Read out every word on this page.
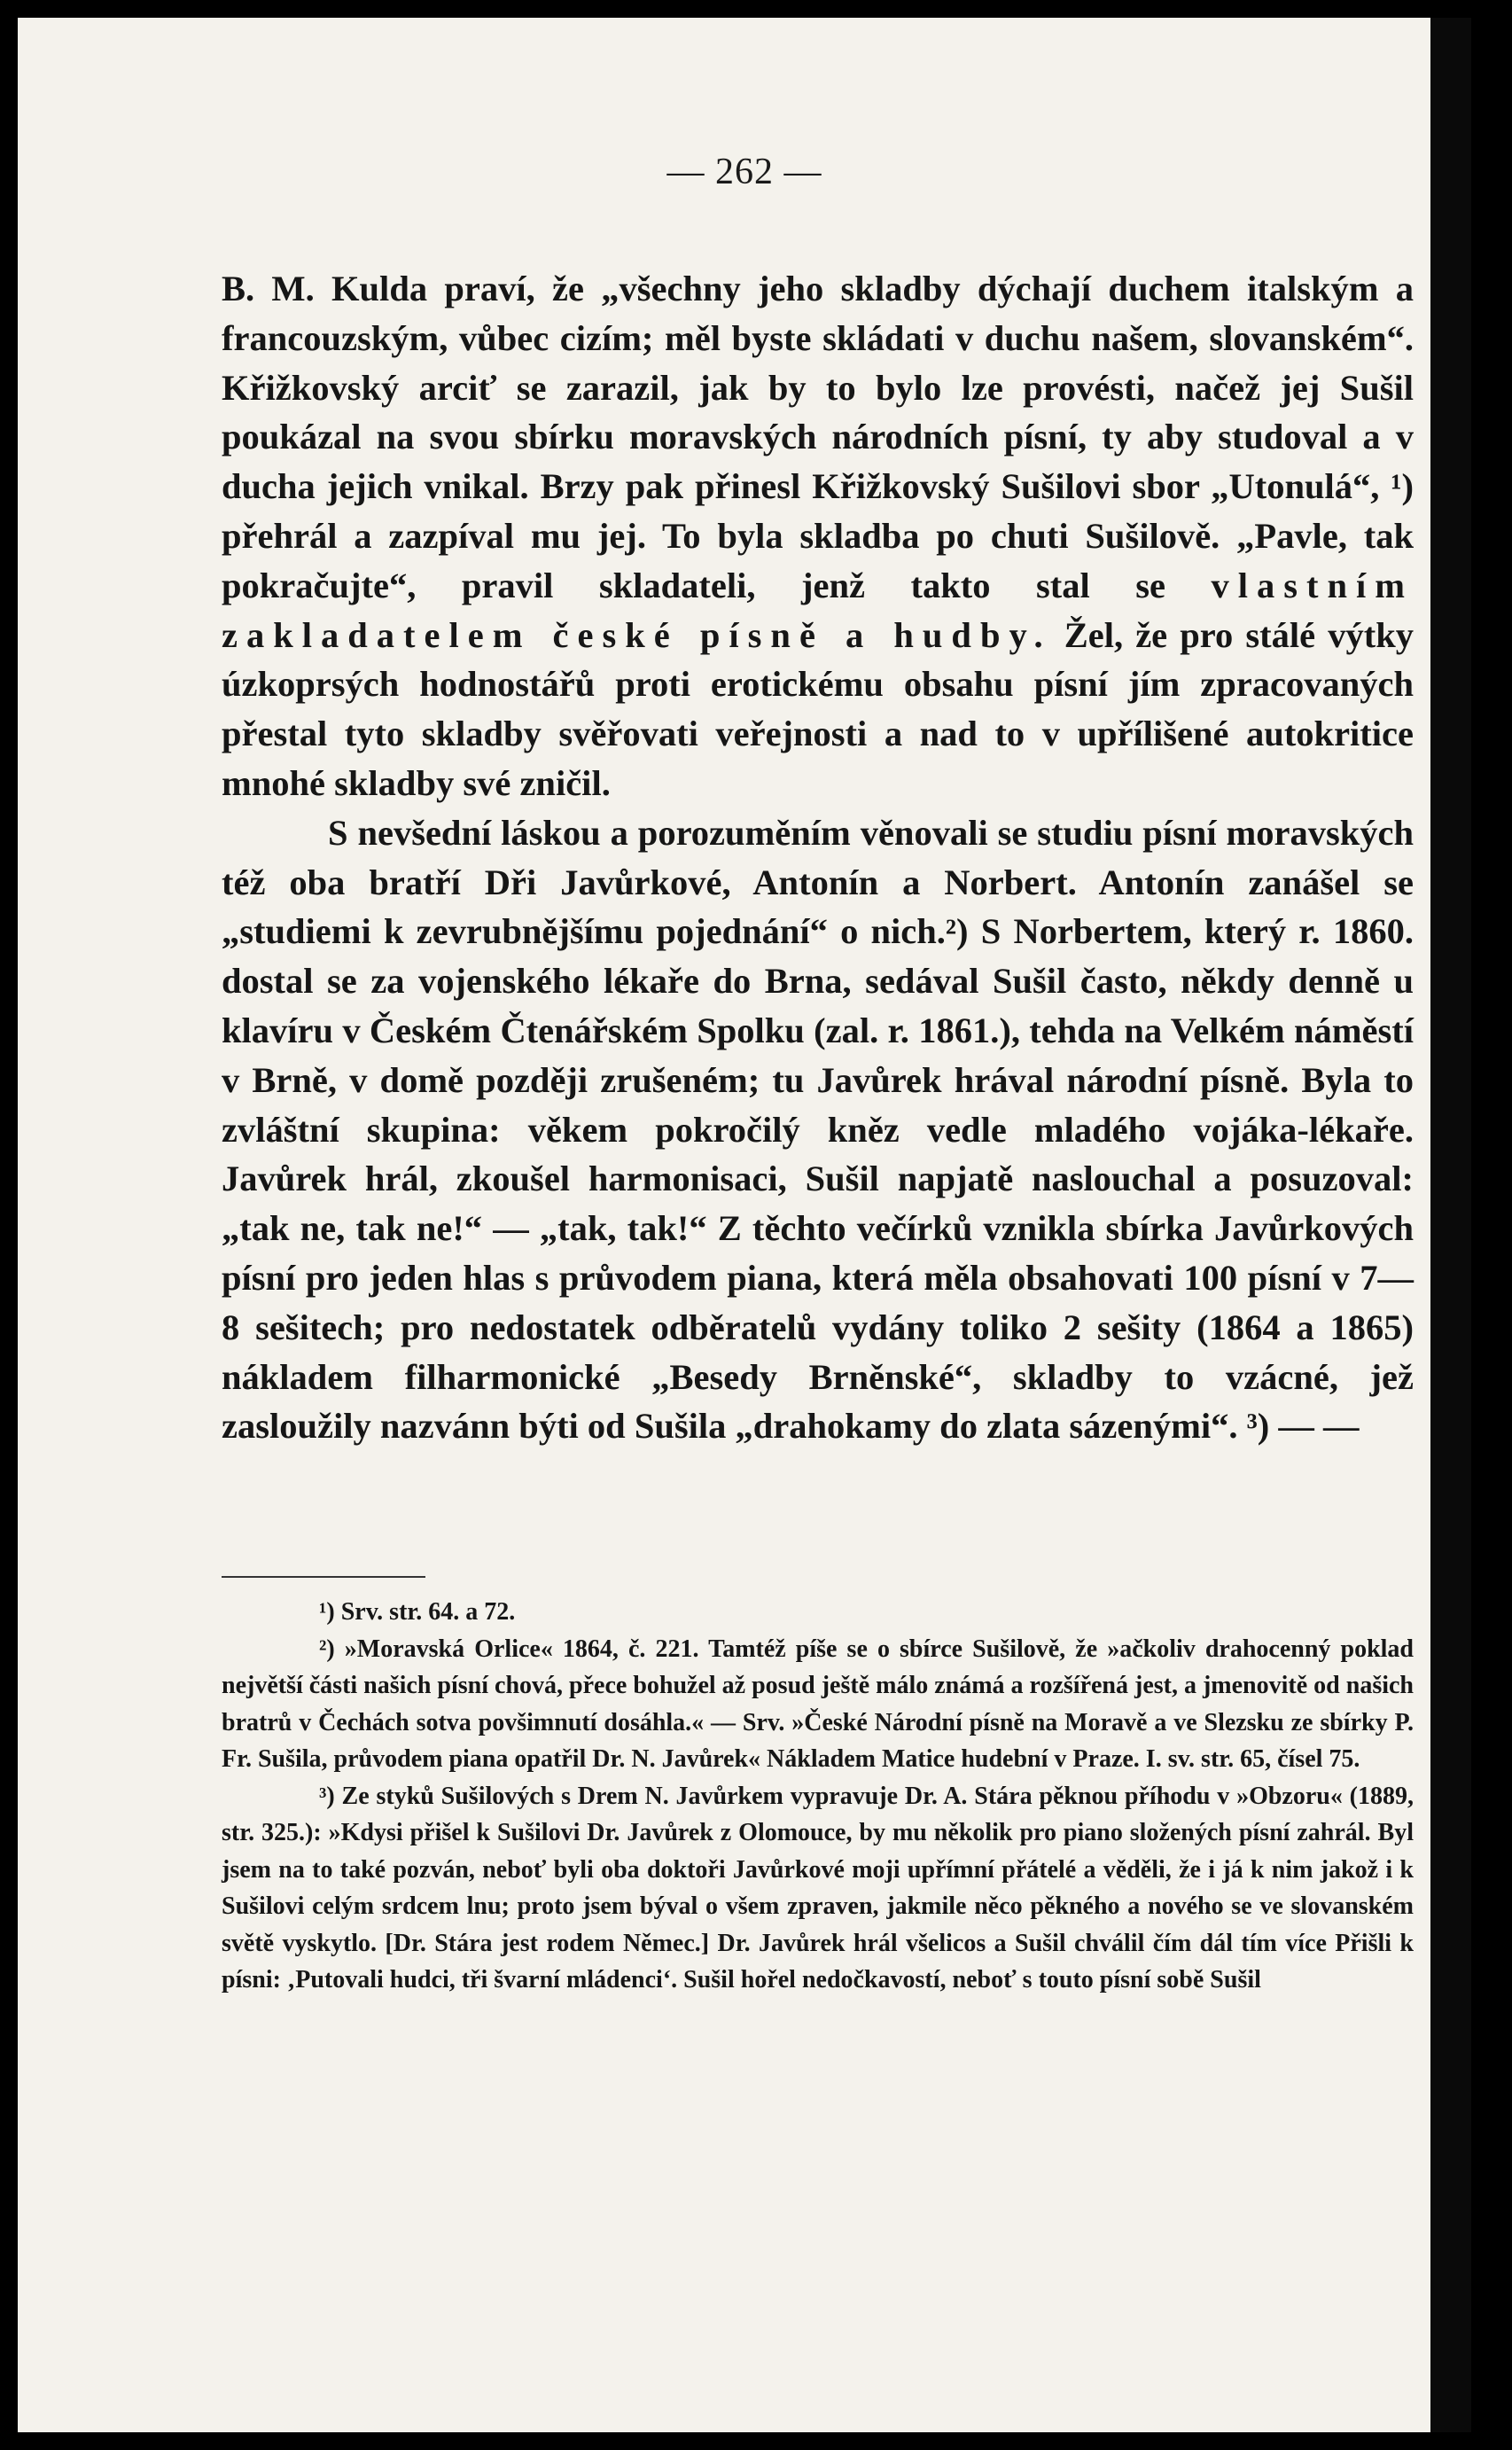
— 262 —

B. M. Kulda praví, že „všechny jeho skladby dýchají duchem italským a francouzským, vůbec cizím; měl byste skládati v duchu našem, slovanském“. Křižkovský arciť se zarazil, jak by to bylo lze provésti, načež jej Sušil poukázal na svou sbírku moravských národních písní, ty aby studoval a v ducha jejich vnikal. Brzy pak přinesl Křižkovský Sušilovi sbor „Utonulá“, ¹) přehrál a zazpíval mu jej. To byla skladba po chuti Sušilově. „Pavle, tak pokračujte“, pravil skladateli, jenž takto stal se vlastním zakladatelem české písně a hudby. Žel, že pro stálé výtky úzkoprsých hodnostářů proti erotickému obsahu písní jím zpracovaných přestal tyto skladby svěřovati veřejnosti a nad to v upřílišené autokritice mnohé skladby své zničil.

S nevšední láskou a porozuměním věnovali se studiu písní moravských též oba bratří Dři Javůrkové, Antonín a Norbert. Antonín zanášel se „studiemi k zevrubnějšímu pojednání“ o nich.²) S Norbertem, který r. 1860. dostal se za vojenského lékaře do Brna, sedával Sušil často, někdy denně u klavíru v Českém Čtenářském Spolku (zal. r. 1861.), tehda na Velkém náměstí v Brně, v domě později zrušeném; tu Javůrek hrával národní písně. Byla to zvláštní skupina: věkem pokročilý kněz vedle mladého vojáka-lékaře. Javůrek hrál, zkoušel harmonisaci, Sušil napjatě naslouchal a posuzoval: „tak ne, tak ne!“ — „tak, tak!“ Z těchto večírků vznikla sbírka Javůrkových písní pro jeden hlas s průvodem piana, která měla obsahovati 100 písní v 7—8 sešitech; pro nedostatek odběratelů vydány toliko 2 sešity (1864 a 1865) nákladem filharmonické „Besedy Brněnské“, skladby to vzácné, jež zasloužily nazvánn býti od Sušila „drahokamy do zlata sázenými“. ³) — —

¹) Srv. str. 64. a 72.

²) »Moravská Orlice« 1864, č. 221. Tamtéž píše se o sbírce Sušilově, že »ačkoliv drahocenný poklad největší části našich písní chová, přece bohužel až posud ještě málo známá a rozšířená jest, a jmenovitě od našich bratrů v Čechách sotva povšimnutí dosáhla.« — Srv. »České Národní písně na Moravě a ve Slezsku ze sbírky P. Fr. Sušila, průvodem piana opatřil Dr. N. Javůrek« Nákladem Matice hudební v Praze. I. sv. str. 65, čísel 75.

³) Ze styků Sušilových s Drem N. Javůrkem vypravuje Dr. A. Stára pěknou příhodu v »Obzoru« (1889, str. 325.): »Kdysi přišel k Sušilovi Dr. Javůrek z Olomouce, by mu několik pro piano složených písní zahrál. Byl jsem na to také pozván, neboť byli oba doktoři Javůrkové moji upřímní přátelé a věděli, že i já k nim jakož i k Sušilovi celým srdcem lnu; proto jsem býval o všem zpraven, jakmile něco pěkného a nového se ve slovanském světě vyskytlo. [Dr. Stára jest rodem Němec.] Dr. Javůrek hrál všelicos a Sušil chválil čím dál tím více Přišli k písni: ‚Putovali hudci, tři švarní mládenci‘. Sušil hořel nedočkavostí, neboť s touto písní sobě Sušil
